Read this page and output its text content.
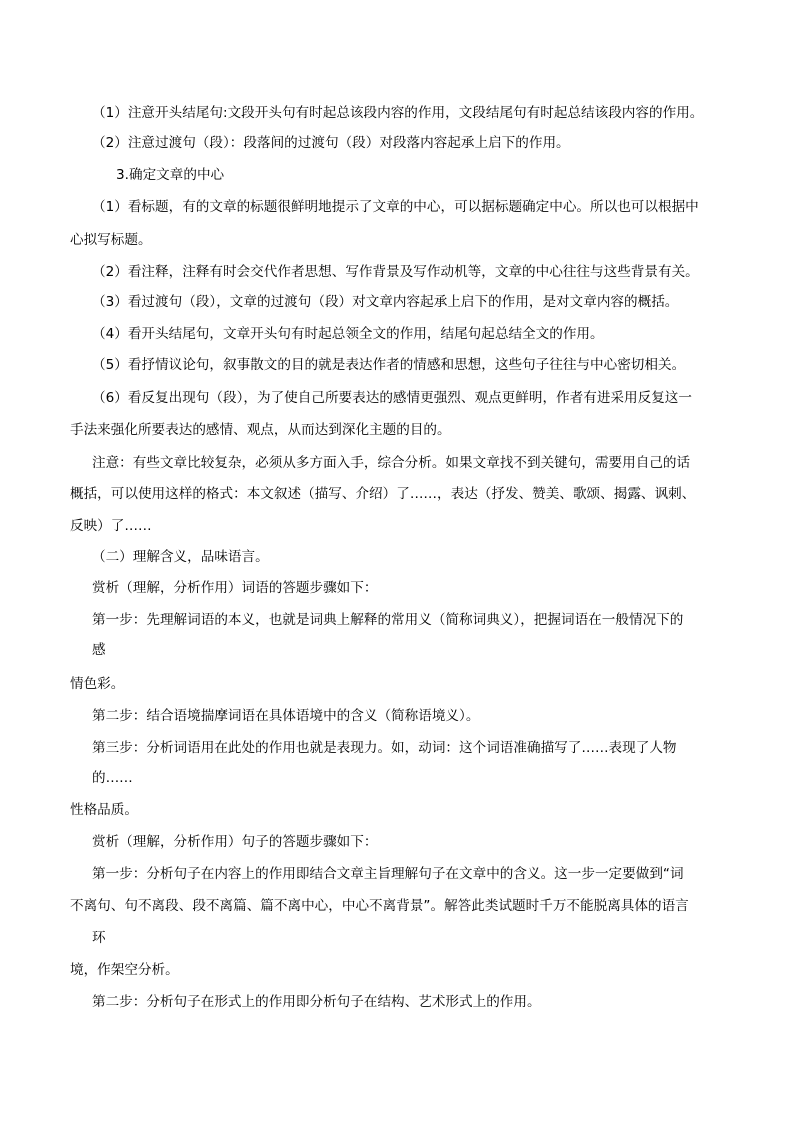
（1）注意开头结尾句:文段开头句有时起总该段内容的作用，文段结尾句有时起总结该段内容的作用。
（2）注意过渡句（段）：段落间的过渡句（段）对段落内容起承上启下的作用。
3.确定文章的中心
（1）看标题，有的文章的标题很鲜明地提示了文章的中心，可以据标题确定中心。所以也可以根据中
心拟写标题。
（2）看注释，注释有时会交代作者思想、写作背景及写作动机等，文章的中心往往与这些背景有关。
（3）看过渡句（段），文章的过渡句（段）对文章内容起承上启下的作用，是对文章内容的概括。
（4）看开头结尾句，文章开头句有时起总领全文的作用，结尾句起总结全文的作用。
（5）看抒情议论句，叙事散文的目的就是表达作者的情感和思想，这些句子往往与中心密切相关。
（6）看反复出现句（段），为了使自己所要表达的感情更强烈、观点更鲜明，作者有进采用反复这一
手法来强化所要表达的感情、观点，从而达到深化主题的目的。
注意：有些文章比较复杂，必须从多方面入手，综合分析。如果文章找不到关键句，需要用自己的话
概括，可以使用这样的格式：本文叙述（描写、介绍）了……，表达（抒发、赞美、歌颂、揭露、讽刺、
反映）了……
（二）理解含义，品味语言。
赏析（理解，分析作用）词语的答题步骤如下：
第一步：先理解词语的本义，也就是词典上解释的常用义（简称词典义），把握词语在一般情况下的
感
情色彩。
第二步：结合语境揣摩词语在具体语境中的含义（简称语境义）。
第三步：分析词语用在此处的作用也就是表现力。如，动词：这个词语准确描写了……表现了人物
的……
性格品质。
赏析（理解，分析作用）句子的答题步骤如下：
第一步：分析句子在内容上的作用即结合文章主旨理解句子在文章中的含义。这一步一定要做到“词
不离句、句不离段、段不离篇、篇不离中心，中心不离背景”。解答此类试题时千万不能脱离具体的语言
环
境，作架空分析。
第二步：分析句子在形式上的作用即分析句子在结构、艺术形式上的作用。
